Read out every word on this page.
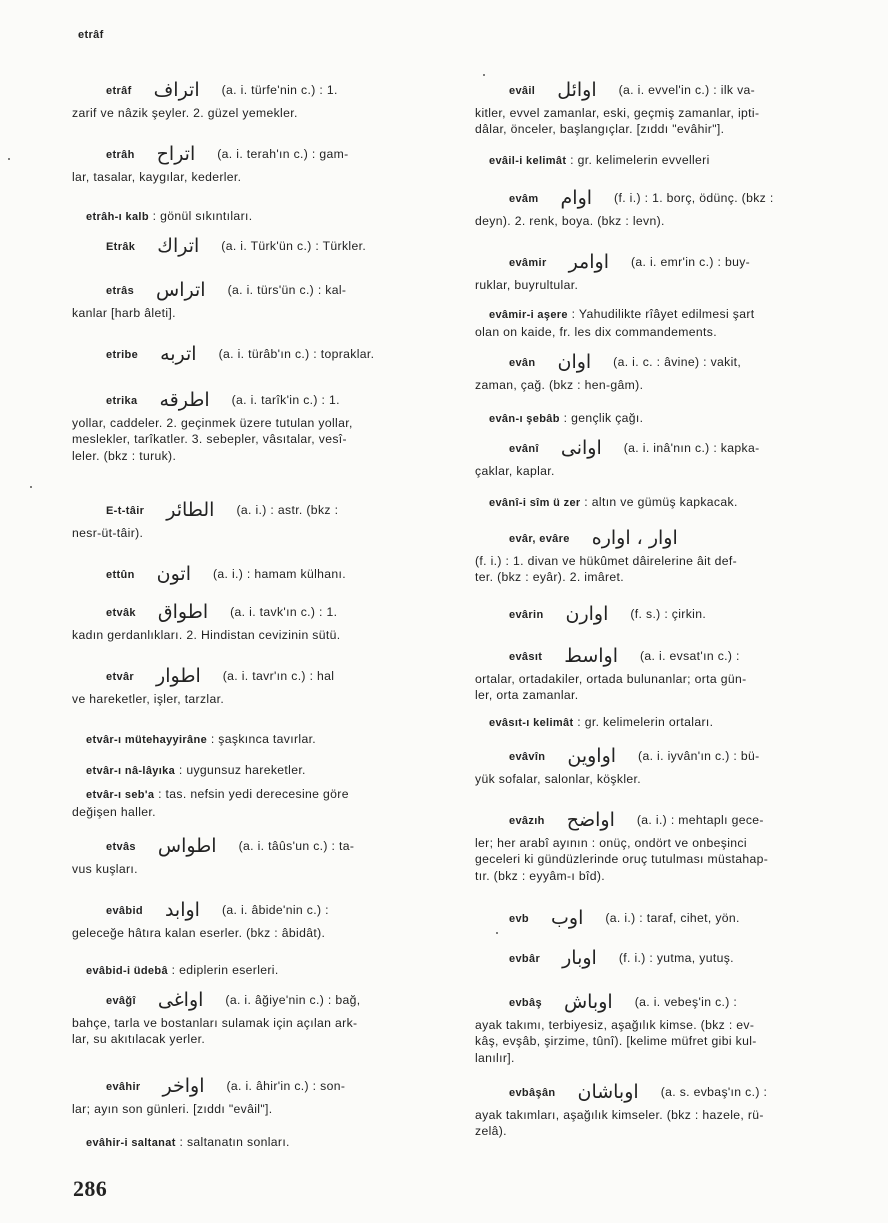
etrâf
etrâf اتراف (a. i. türfe'nin c.) : 1.
zarif ve nâzik şeyler. 2. güzel yemekler.
etrâh اتراح (a. i. terah'ın c.) : gam-
lar, tasalar, kaygılar, kederler.
etrâh-ı kalb : gönül sıkıntıları.
Etrâk اتراك (a. i. Türk'ün c.) : Türkler.
etrâs اتراس (a. i. türs'ün c.) : kal-
kanlar [harb âleti].
etribe اتربه (a. i. türâb'ın c.) : topraklar.
etrika اطرقه (a. i. tarîk'in c.) : 1.
yollar, caddeler. 2. geçinmek üzere tutulan yollar,
meslekler, tarîkatler. 3. sebepler, vâsıtalar, vesî-
leler. (bkz : turuk).
E-t-tâir الطائر (a. i.) : astr. (bkz :
nesr-üt-tâir).
ettûn اتون (a. i.) : hamam külhanı.
etvâk اطواق (a. i. tavk'ın c.) : 1.
kadın gerdanlıkları. 2. Hindistan cevizinin sütü.
etvâr اطوار (a. i. tavr'ın c.) : hal
ve hareketler, işler, tarzlar.
etvâr-ı mütehayyirâne : şaşkınca tavırlar.
etvâr-ı nâ-lâyıka : uygunsuz hareketler.
etvâr-ı seb'a : tas. nefsin yedi derecesine göre
değişen haller.
etvâs اطواس (a. i. tâûs'un c.) : ta-
vus kuşları.
evâbid اوابد (a. i. âbide'nin c.) :
geleceğe hâtıra kalan eserler. (bkz : âbidât).
evâbid-i üdebâ : ediplerin eserleri.
evâğî اواغى (a. i. âğiye'nin c.) : bağ,
bahçe, tarla ve bostanları sulamak için açılan ark-
lar, su akıtılacak yerler.
evâhir اواخر (a. i. âhir'in c.) : son-
lar; ayın son günleri. [zıddı "evâil"].
evâhir-i saltanat : saltanatın sonları.
evâil اوائل (a. i. evvel'in c.) : ilk va-
kitler, evvel zamanlar, eski, geçmiş zamanlar, ipti-
dâlar, önceler, başlangıçlar. [zıddı "evâhir"].
evâil-i kelimât : gr. kelimelerin evvelleri
evâm اوام (f. i.) : 1. borç, ödünç. (bkz :
deyn). 2. renk, boya. (bkz : levn).
evâmir اوامر (a. i. emr'in c.) : buy-
ruklar, buyrultular.
evâmir-i aşere : Yahudilikte rîâyet edilmesi şart
olan on kaide, fr. les dix commandements.
evân اوان (a. i. c. : âvine) : vakit,
zaman, çağ. (bkz : hen-gâm).
evân-ı şebâb : gençlik çağı.
evânî اوانى (a. i. inâ'nın c.) : kapka-
çaklar, kaplar.
evânî-i sîm ü zer : altın ve gümüş kapkacak.
evâr, evâre اوار ، اواره
(f. i.) : 1. divan ve hükûmet dâirelerine âit def-
ter. (bkz : eyâr). 2. imâret.
evârin اوارن (f. s.) : çirkin.
evâsıt اواسط (a. i. evsat'ın c.) :
ortalar, ortadakiler, ortada bulunanlar; orta gün-
ler, orta zamanlar.
evâsıt-ı kelimât : gr. kelimelerin ortaları.
evâvîn اواوين (a. i. iyvân'ın c.) : bü-
yük sofalar, salonlar, köşkler.
evâzıh اواضح (a. i.) : mehtaplı gece-
ler; her arabî ayının : onüç, ondört ve onbeşinci
geceleri ki gündüzlerinde oruç tutulması müstahap-
tır. (bkz : eyyâm-ı bîd).
evb اوب (a. i.) : taraf, cihet, yön.
evbâr اوبار (f. i.) : yutma, yutuş.
evbâş اوباش (a. i. vebeş'in c.) :
ayak takımı, terbiyesiz, aşağılık kimse. (bkz : ev-
kâş, evşâb, şirzime, tûnî). [kelime müfret gibi kul-
lanılır].
evbâşân اوباشان (a. s. evbaş'ın c.) :
ayak takımları, aşağılık kimseler. (bkz : hazele, rü-
zelâ).
286
